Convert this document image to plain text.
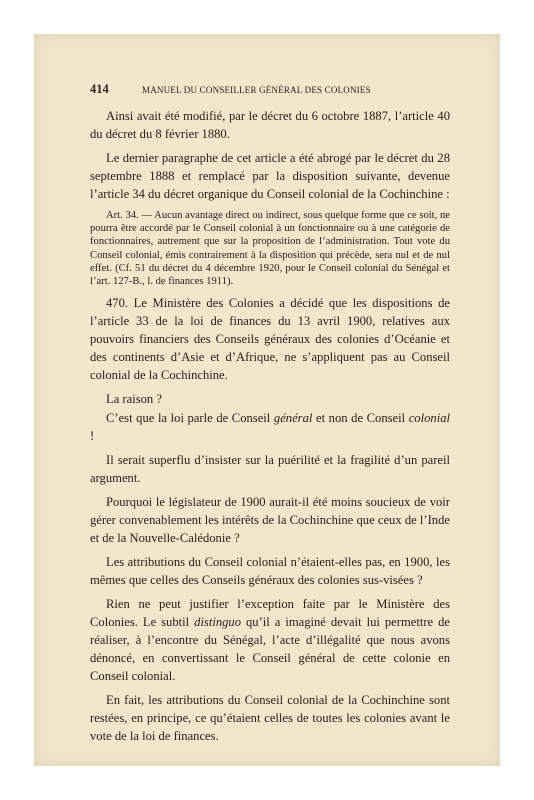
414	MANUEL DU CONSEILLER GÉNÉRAL DES COLONIES

Ainsi avait été modifié, par le décret du 6 octobre 1887, l’article 40 du décret du 8 février 1880.

Le dernier paragraphe de cet article a été abrogé par le décret du 28 septembre 1888 et remplacé par la disposition suivante, devenue l’article 34 du décret organique du Conseil colonial de la Cochinchine :

Art. 34. — Aucun avantage direct ou indirect, sous quelque forme que ce soit, ne pourra être accordé par le Conseil colonial à un fonctionnaire ou à une catégorie de fonctionnaires, autrement que sur la proposition de l’administration. Tout vote du Conseil colonial, émis contrairement à la disposition qui précède, sera nul et de nul effet. (Cf. 51 du décret du 4 décembre 1920, pour le Conseil colonial du Sénégal et l’art. 127-B., l. de finances 1911).

470. Le Ministère des Colonies a décidé que les dispositions de l’article 33 de la loi de finances du 13 avril 1900, relatives aux pouvoirs financiers des Conseils généraux des colonies d’Océanie et des continents d’Asie et d’Afrique, ne s’appliquent pas au Conseil colonial de la Cochinchine.

La raison ?

C’est que la loi parle de Conseil général et non de Conseil colonial !

Il serait superflu d’insister sur la puérilité et la fragilité d’un pareil argument.

Pourquoi le législateur de 1900 aurait-il été moins soucieux de voir gérer convenablement les intérêts de la Cochinchine que ceux de l’Inde et de la Nouvelle-Calédonie ?

Les attributions du Conseil colonial n’étaient-elles pas, en 1900, les mêmes que celles des Conseils généraux des colonies sus-visées ?

Rien ne peut justifier l’exception faite par le Ministère des Colonies. Le subtil distinguo qu’il a imaginé devait lui permettre de réaliser, à l’encontre du Sénégal, l’acte d’illégalité que nous avons dénoncé, en convertissant le Conseil général de cette colonie en Conseil colonial.

En fait, les attributions du Conseil colonial de la Cochinchine sont restées, en principe, ce qu’étaient celles de toutes les colonies avant le vote de la loi de finances.
